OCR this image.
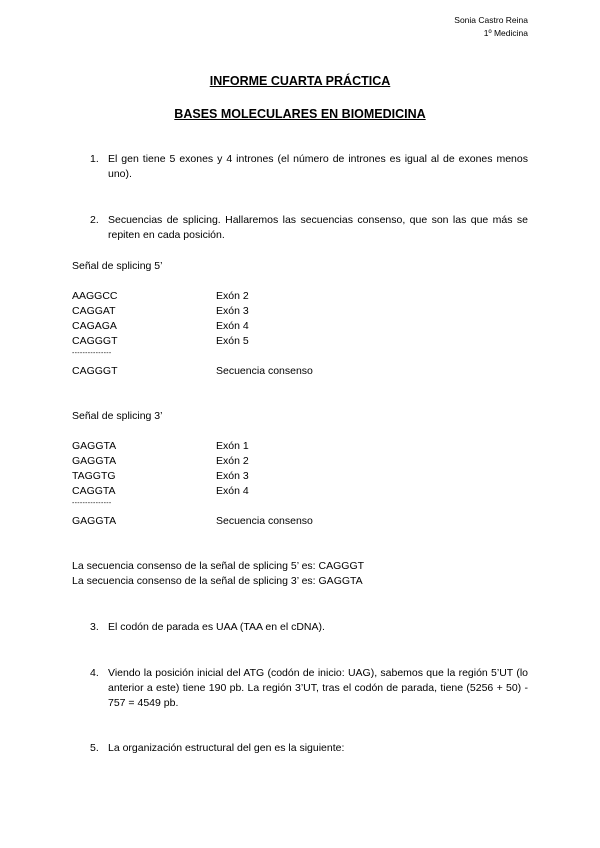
Sonia Castro Reina
1º Medicina
INFORME CUARTA PRÁCTICA
BASES MOLECULARES EN BIOMEDICINA
1. El gen tiene 5 exones y 4 intrones (el número de intrones es igual al de exones menos uno).
2. Secuencias de splicing. Hallaremos las secuencias consenso, que son las que más se repiten en cada posición.
Señal de splicing 5’
AAGGCC	Exón 2
CAGGAT	Exón 3
CAGAGA	Exón 4
CAGGGT	Exón 5
---------------
CAGGGT	Secuencia consenso
Señal de splicing 3’
GAGGTA	Exón 1
GAGGTA	Exón 2
TAGGTG	Exón 3
CAGGTA	Exón 4
---------------
GAGGTA	Secuencia consenso
La secuencia consenso de la señal de splicing 5’ es: CAGGGT
La secuencia consenso de la señal de splicing 3’ es: GAGGTA
3. El codón de parada es UAA (TAA en el cDNA).
4. Viendo la posición inicial del ATG (codón de inicio: UAG), sabemos que la región 5’UT (lo anterior a este) tiene 190 pb. La región 3’UT, tras el codón de parada, tiene (5256 + 50) - 757 = 4549 pb.
5. La organización estructural del gen es la siguiente:
